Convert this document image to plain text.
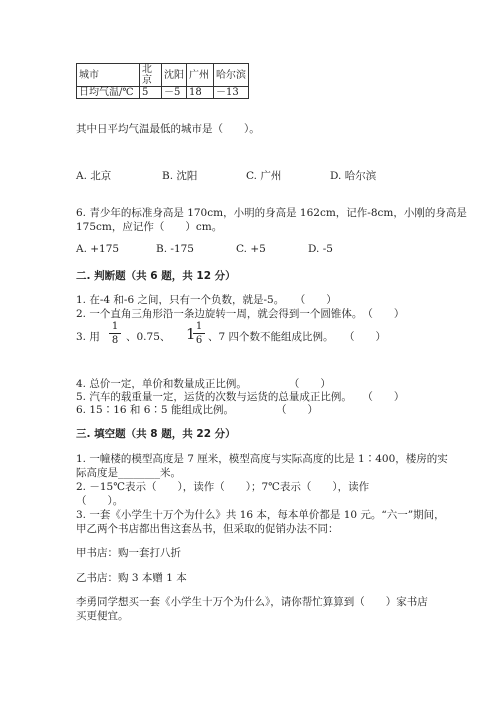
城市	北京	沈阳	广州	哈尔滨
日均气温/℃	5	－5	18	－13
其中日平均气温最低的城市是（　　）。
A. 北京	B. 沈阳	C. 广州	D. 哈尔滨
6. 青少年的标准身高是 170cm，小明的身高是 162cm，记作-8cm，小刚的身高是
175cm，应记作（　　）cm。
A. +175	B. -175	C. +5	D. -5
二. 判断题（共 6 题，共 12 分）
1. 在-4 和-6 之间，只有一个负数，就是-5。　　（　　）
2. 一个直角三角形沿一条边旋转一周，就会得到一个圆锥体。　（　　）
3. 用
1
8 、0.75、 1 1
6 、7 四个数不能组成比例。　　（　　）
4. 总价一定，单价和数量成正比例。　　　　　（　　）
5. 汽车的载重量一定，运货的次数与运货的总量成正比例。　　（　　）
6. 15∶16 和 6∶5 能组成比例。　　　　　（　　）
三. 填空题（共 8 题，共 22 分）
1. 一幢楼的模型高度是 7 厘米，模型高度与实际高度的比是 1∶400，楼房的实
际高度是________米。
2. －15℃表示（　　），读作（　　）；7℃表示（　　），读作
（　　）。
3. 一套《小学生十万个为什么》共 16 本，每本单价都是 10 元。“六一”期间，
甲乙两个书店都出售这套丛书，但采取的促销办法不同：
甲书店：购一套打八折
乙书店：购 3 本赠 1 本
李勇同学想买一套《小学生十万个为什么》，请你帮忙算算到（　　）家书店
买更便宜。
